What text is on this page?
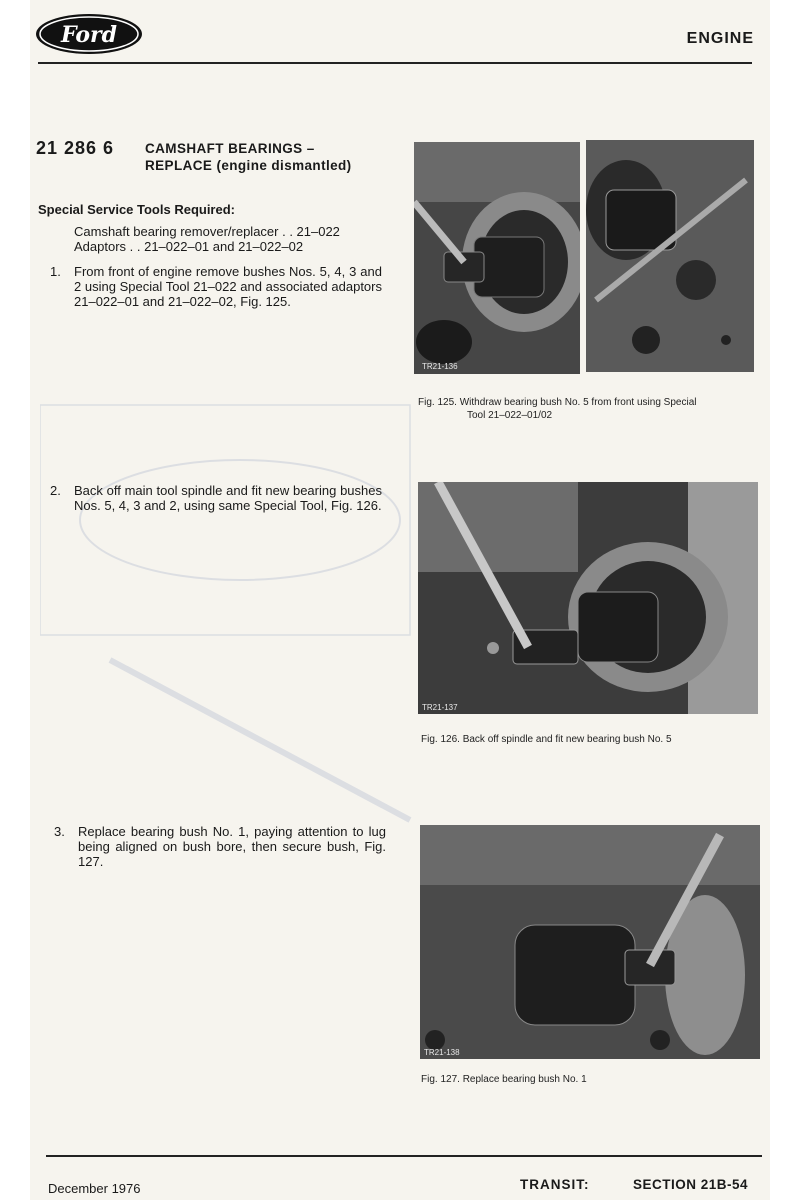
Ford	ENGINE
21 286 6 CAMSHAFT BEARINGS –
REPLACE (engine dismantled)
Special Service Tools Required:
Camshaft bearing remover/replacer . . 21–022
Adaptors . . 21–022–01 and 21–022–02
1. From front of engine remove bushes Nos. 5, 4, 3 and 2 using Special Tool 21–022 and associated adaptors 21–022–01 and 21–022–02, Fig. 125.
2. Back off main tool spindle and fit new bearing bushes Nos. 5, 4, 3 and 2, using same Special Tool, Fig. 126.
3. Replace bearing bush No. 1, paying attention to lug being aligned on bush bore, then secure bush, Fig. 127.
TR21-136
Fig. 125. Withdraw bearing bush No. 5 from front using Special
Tool 21–022–01/02
TR21-137
Fig. 126. Back off spindle and fit new bearing bush No. 5
TR21-138
Fig. 127. Replace bearing bush No. 1
December 1976	TRANSIT:	SECTION 21B-54
